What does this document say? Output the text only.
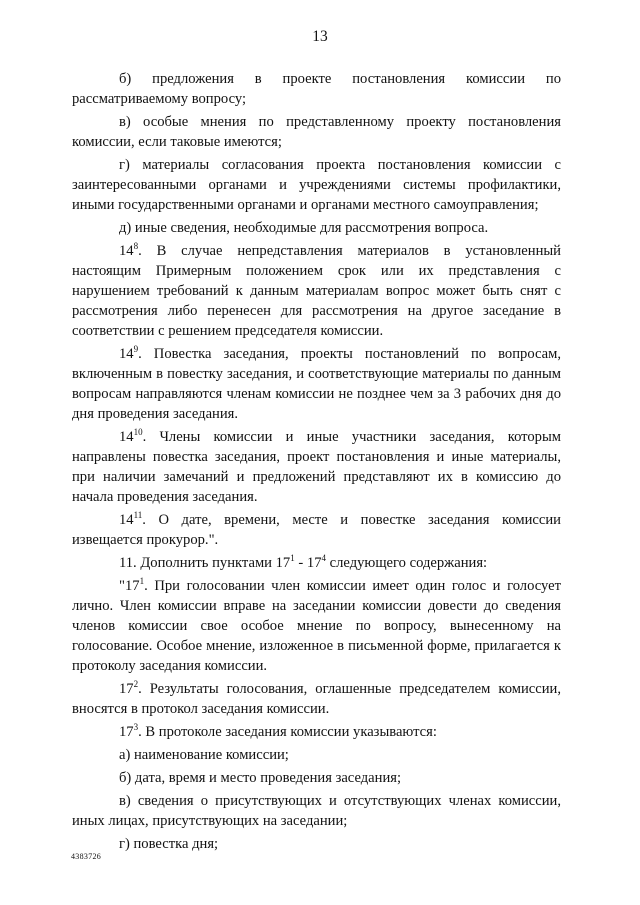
13

б) предложения в проекте постановления комиссии по рассматриваемому вопросу;

в) особые мнения по представленному проекту постановления комиссии, если таковые имеются;

г) материалы согласования проекта постановления комиссии с заинтересованными органами и учреждениями системы профилактики, иными государственными органами и органами местного самоуправления;

д) иные сведения, необходимые для рассмотрения вопроса.

$14^8$. В случае непредставления материалов в установленный настоящим Примерным положением срок или их представления с нарушением требований к данным материалам вопрос может быть снят с рассмотрения либо перенесен для рассмотрения на другое заседание в соответствии с решением председателя комиссии.

$14^9$. Повестка заседания, проекты постановлений по вопросам, включенным в повестку заседания, и соответствующие материалы по данным вопросам направляются членам комиссии не позднее чем за 3 рабочих дня до дня проведения заседания.

$14^{10}$. Члены комиссии и иные участники заседания, которым направлены повестка заседания, проект постановления и иные материалы, при наличии замечаний и предложений представляют их в комиссию до начала проведения заседания.

$14^{11}$. О дате, времени, месте и повестке заседания комиссии извещается прокурор.".

11. Дополнить пунктами $17^1 - 17^4$ следующего содержания:

"$17^1$. При голосовании член комиссии имеет один голос и голосует лично. Член комиссии вправе на заседании комиссии довести до сведения членов комиссии свое особое мнение по вопросу, вынесенному на голосование. Особое мнение, изложенное в письменной форме, прилагается к протоколу заседания комиссии.

$17^2$. Результаты голосования, оглашенные председателем комиссии, вносятся в протокол заседания комиссии.

$17^3$. В протоколе заседания комиссии указываются:

а) наименование комиссии;

б) дата, время и место проведения заседания;

в) сведения о присутствующих и отсутствующих членах комиссии, иных лицах, присутствующих на заседании;

г) повестка дня;

4383726
